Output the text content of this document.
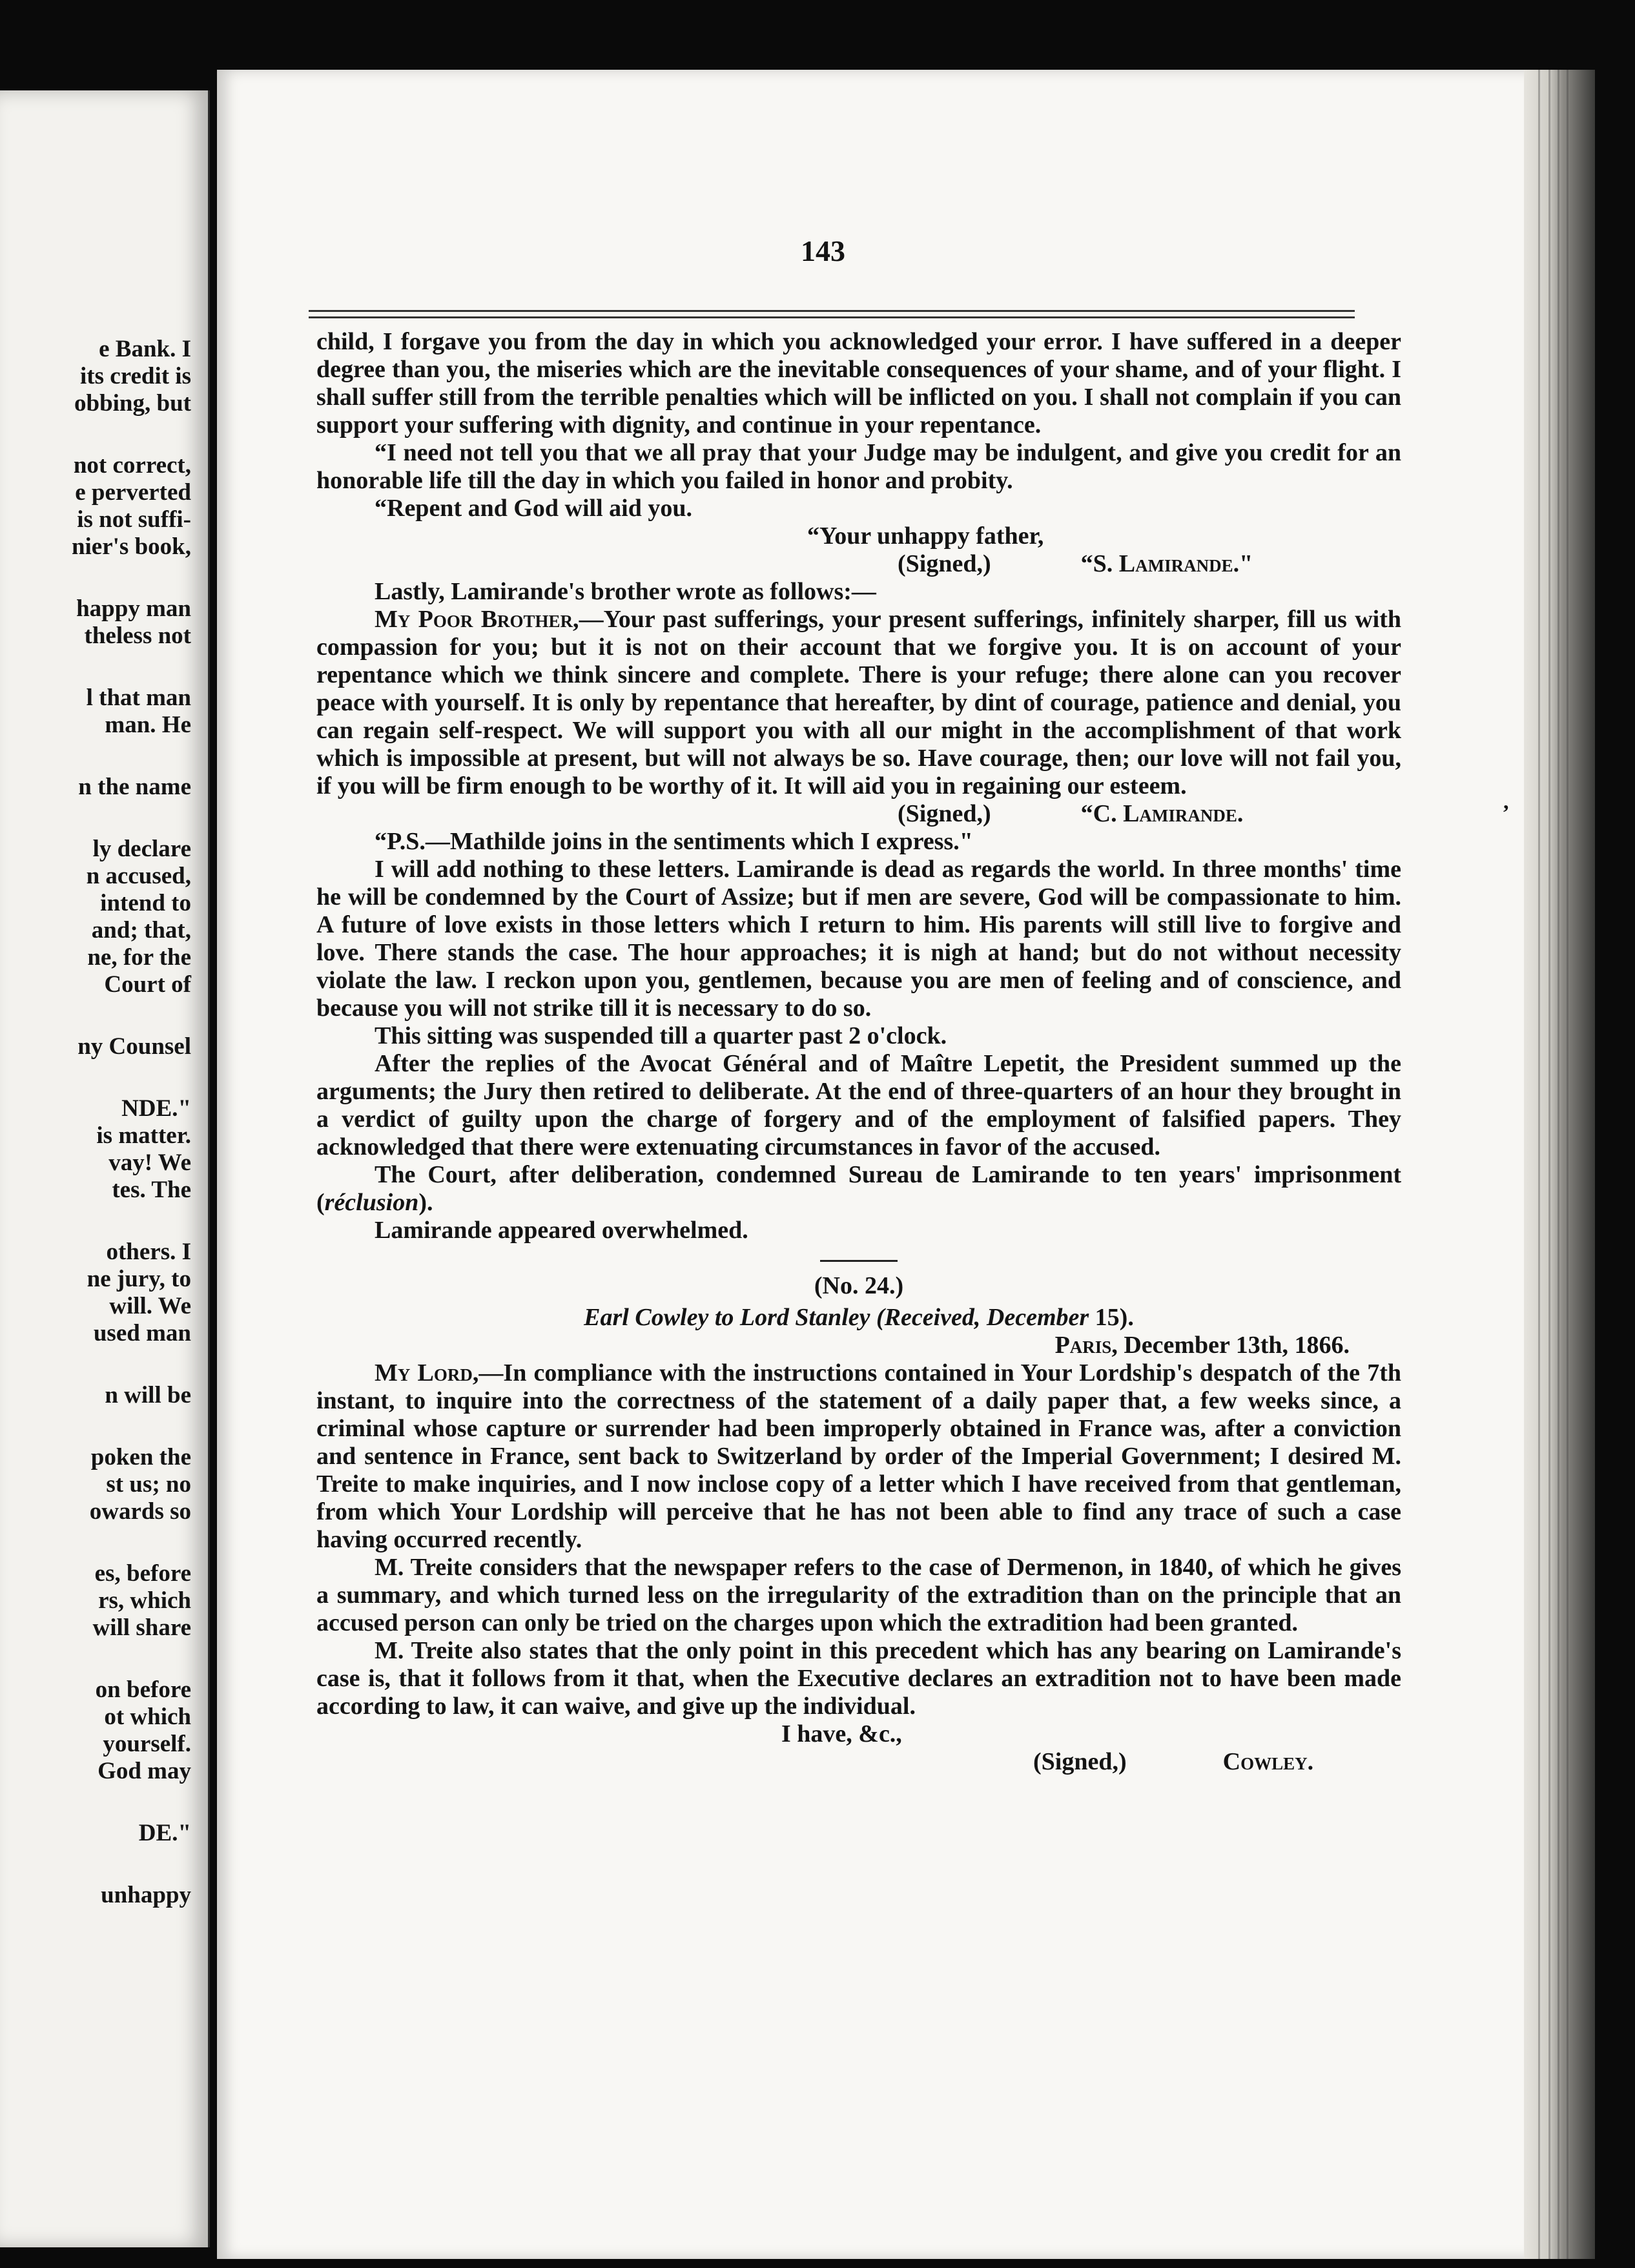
e Bank. I
its credit is
obbing, but
not correct,
e perverted
is not suffi-
nier's book,
happy man
theless not
l that man
man. He
n the name
ly declare
n accused,
intend to
and; that,
ne, for the
Court of
ny Counsel
NDE."
is matter.
vay! We
tes. The
others. I
ne jury, to
will. We
used man
n will be
poken the
st us; no
owards so
es, before
rs, which
will share
on before
ot which
yourself.
God may
DE."
unhappy
143
,

child, I forgave you from the day in which you acknowledged your error. I have suffered in a deeper degree than you, the miseries which are the inevitable consequences of your shame, and of your flight. I shall suffer still from the terrible penalties which will be inflicted on you. I shall not complain if you can support your suffering with dignity, and continue in your repentance.

“I need not tell you that we all pray that your Judge may be indulgent, and give you credit for an honorable life till the day in which you failed in honor and probity.

“Repent and God will aid you.

“Your unhappy father,

(Signed,)	“S. Lamirande."

Lastly, Lamirande's brother wrote as follows:—

My Poor Brother,—Your past sufferings, your present sufferings, infinitely sharper, fill us with compassion for you; but it is not on their account that we forgive you. It is on account of your repentance which we think sincere and complete. There is your refuge; there alone can you recover peace with yourself. It is only by repentance that hereafter, by dint of courage, patience and denial, you can regain self-respect. We will support you with all our might in the accomplishment of that work which is impossible at present, but will not always be so. Have courage, then; our love will not fail you, if you will be firm enough to be worthy of it. It will aid you in regaining our esteem.

(Signed,)	“C. Lamirande.

“P.S.—Mathilde joins in the sentiments which I express."

I will add nothing to these letters. Lamirande is dead as regards the world. In three months' time he will be condemned by the Court of Assize; but if men are severe, God will be compassionate to him. A future of love exists in those letters which I return to him. His parents will still live to forgive and love. There stands the case. The hour approaches; it is nigh at hand; but do not without necessity violate the law. I reckon upon you, gentlemen, because you are men of feeling and of conscience, and because you will not strike till it is necessary to do so.

This sitting was suspended till a quarter past 2 o'clock.

After the replies of the Avocat Général and of Maître Lepetit, the President summed up the arguments; the Jury then retired to deliberate. At the end of three-quarters of an hour they brought in a verdict of guilty upon the charge of forgery and of the employment of falsified papers. They acknowledged that there were extenuating circumstances in favor of the accused.

The Court, after deliberation, condemned Sureau de Lamirande to ten years' imprisonment (réclusion).

Lamirande appeared overwhelmed.

(No. 24.)

Earl Cowley to Lord Stanley (Received, December 15).

Paris, December 13th, 1866.

My Lord,—In compliance with the instructions contained in Your Lordship's despatch of the 7th instant, to inquire into the correctness of the statement of a daily paper that, a few weeks since, a criminal whose capture or surrender had been improperly obtained in France was, after a conviction and sentence in France, sent back to Switzerland by order of the Imperial Government; I desired M. Treite to make inquiries, and I now inclose copy of a letter which I have received from that gentleman, from which Your Lordship will perceive that he has not been able to find any trace of such a case having occurred recently.

M. Treite considers that the newspaper refers to the case of Dermenon, in 1840, of which he gives a summary, and which turned less on the irregularity of the extradition than on the principle that an accused person can only be tried on the charges upon which the extradition had been granted.

M. Treite also states that the only point in this precedent which has any bearing on Lamirande's case is, that it follows from it that, when the Executive declares an extradition not to have been made according to law, it can waive, and give up the individual.

I have, &c.,

(Signed,)	Cowley.
